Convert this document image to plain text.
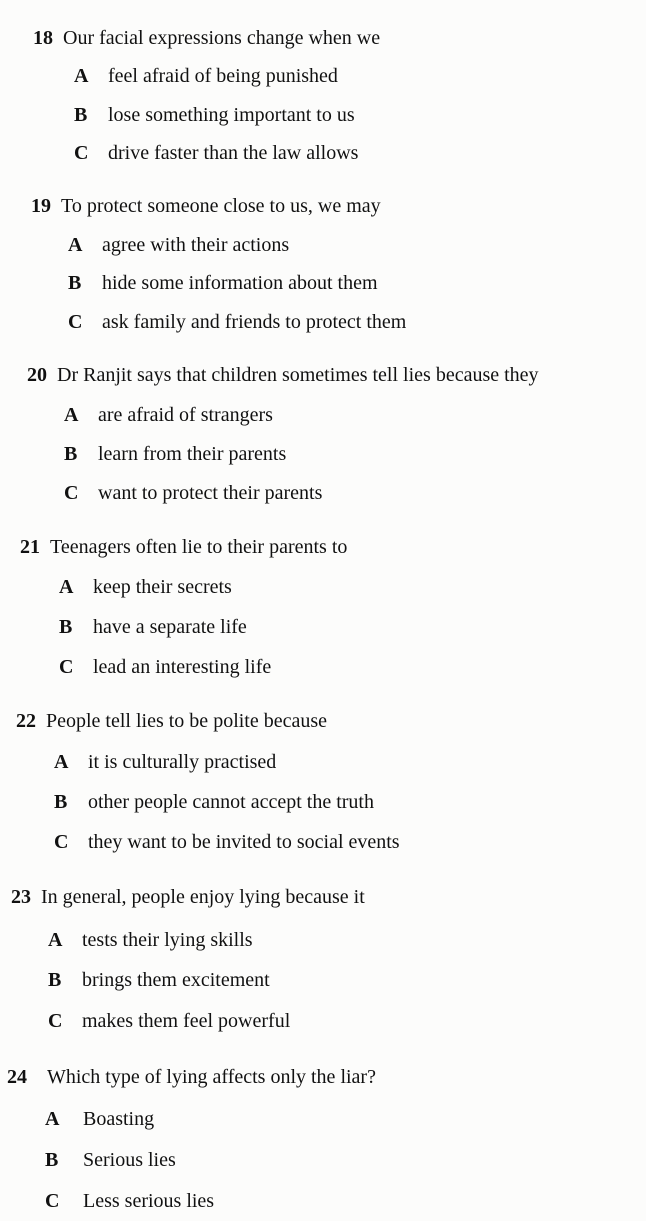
18 Our facial expressions change when we
A feel afraid of being punished
B lose something important to us
C drive faster than the law allows
19 To protect someone close to us, we may
A agree with their actions
B hide some information about them
C ask family and friends to protect them
20 Dr Ranjit says that children sometimes tell lies because they
A are afraid of strangers
B learn from their parents
C want to protect their parents
21 Teenagers often lie to their parents to
A keep their secrets
B have a separate life
C lead an interesting life
22 People tell lies to be polite because
A it is culturally practised
B other people cannot accept the truth
C they want to be invited to social events
23 In general, people enjoy lying because it
A tests their lying skills
B brings them excitement
C makes them feel powerful
24 Which type of lying affects only the liar?
A Boasting
B Serious lies
C Less serious lies
